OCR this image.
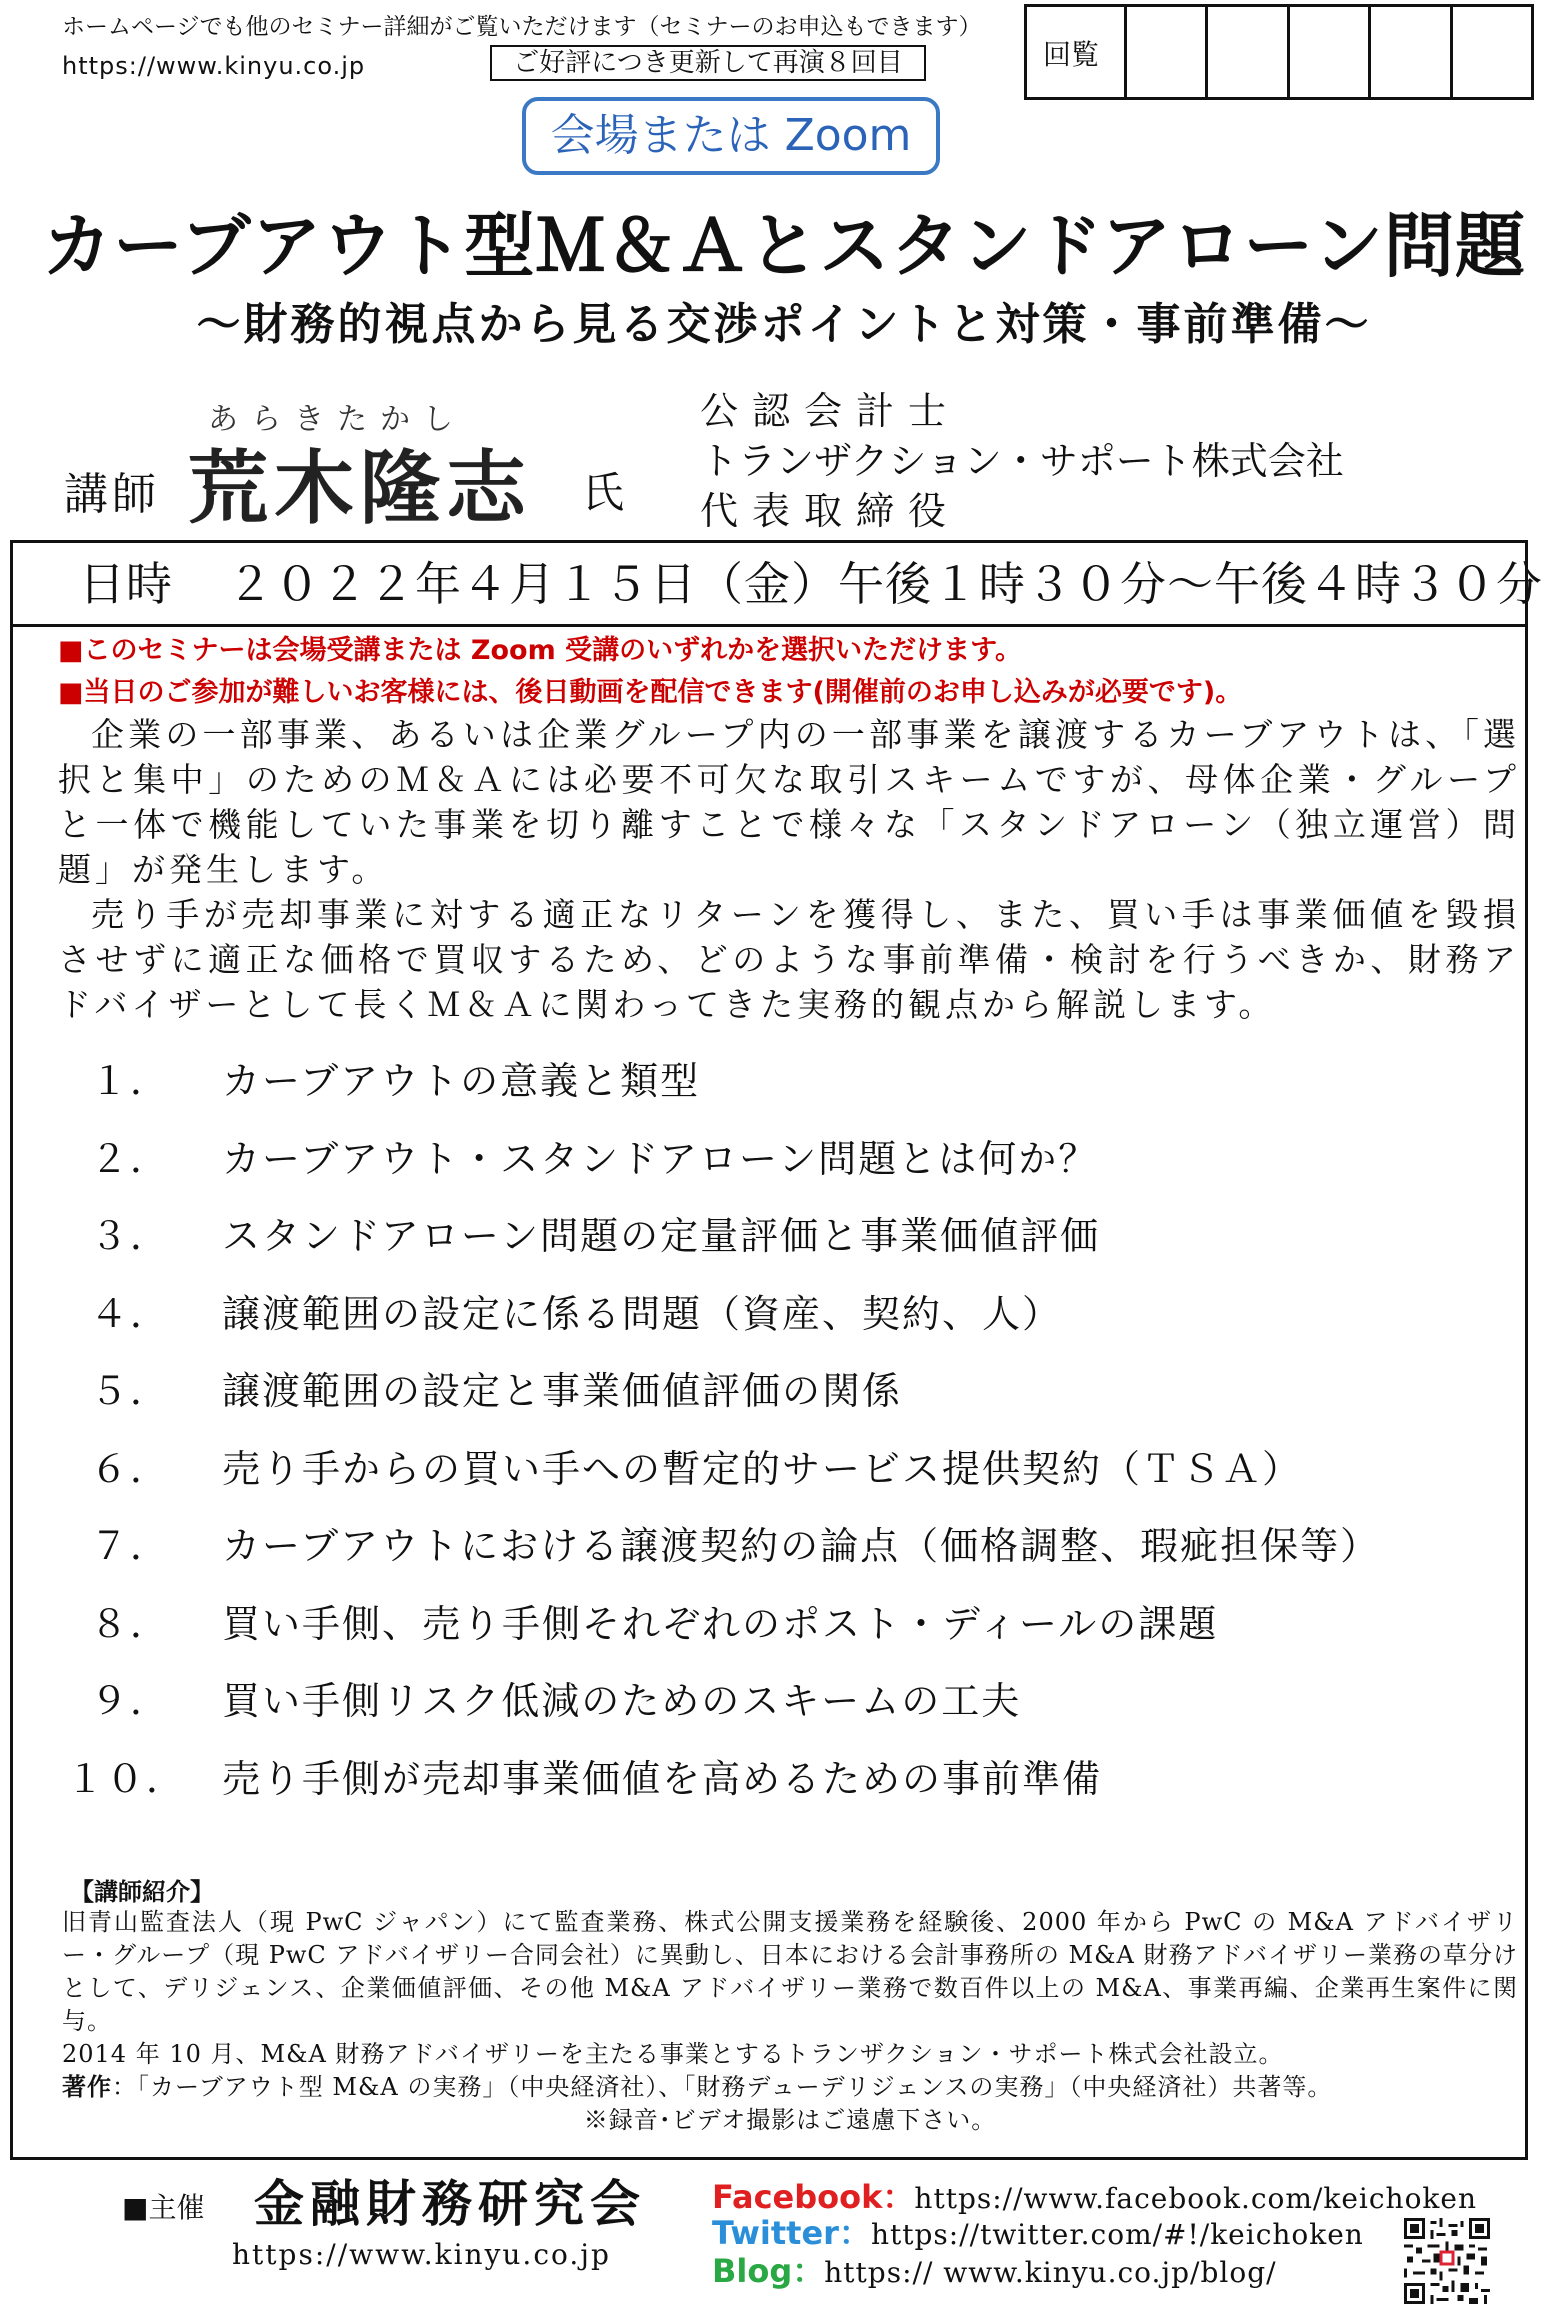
ホームページでも他のセミナー詳細がご覧いただけます（セミナーのお申込もできます）
https://www.kinyu.co.jp	ご好評につき更新して再演８回目	回覧
会場または Zoom
カーブアウト型Ｍ＆Ａとスタンドアローン問題
～財務的視点から見る交渉ポイントと対策・事前準備～
あらきたかし
講師 荒木隆志 氏
公認会計士
トランザクション・サポート株式会社
代表取締役
日時 ２０２２年４月１５日（金）午後１時３０分～午後４時３０分
■このセミナーは会場受講または Zoom 受講のいずれかを選択いただけます。
■当日のご参加が難しいお客様には、後日動画を配信できます(開催前のお申し込みが必要です)。

企業の一部事業、あるいは企業グループ内の一部事業を譲渡するカーブアウトは、「選択と集中」のためのＭ＆Ａには必要不可欠な取引スキームですが、母体企業・グループと一体で機能していた事業を切り離すことで様々な「スタンドアローン（独立運営）問題」が発生します。

売り手が売却事業に対する適正なリターンを獲得し、また、買い手は事業価値を毀損させずに適正な価格で買収するため、どのような事前準備・検討を行うべきか、財務アドバイザーとして長くＭ＆Ａに関わってきた実務的観点から解説します。

１．	カーブアウトの意義と類型
２．	カーブアウト・スタンドアローン問題とは何か？
３．	スタンドアローン問題の定量評価と事業価値評価
４．	譲渡範囲の設定に係る問題（資産、契約、人）
５．	譲渡範囲の設定と事業価値評価の関係
６．	売り手からの買い手への暫定的サービス提供契約（ＴＳＡ）
７．	カーブアウトにおける譲渡契約の論点（価格調整、瑕疵担保等）
８．	買い手側、売り手側それぞれのポスト・ディールの課題
９．	買い手側リスク低減のためのスキームの工夫
１０． 売り手側が売却事業価値を高めるための事前準備
【講師紹介】

旧青山監査法人（現 PwC ジャパン）にて監査業務、株式公開支援業務を経験後、2000 年から PwC の M&A アドバイザリー・グループ（現 PwC アドバイザリー合同会社）に異動し、日本における会計事務所の M&A 財務アドバイザリー業務の草分けとして、デリジェンス、企業価値評価、その他 M&A アドバイザリー業務で数百件以上の M&A、事業再編、企業再生案件に関与。

2014 年 10 月、M&A 財務アドバイザリーを主たる事業とするトランザクション・サポート株式会社設立。

著作：「カーブアウト型 M&A の実務」（中央経済社）、「財務デューデリジェンスの実務」（中央経済社）共著等。

※録音･ビデオ撮影はご遠慮下さい。

■主催 金融財務研究会
https://www.kinyu.co.jp
Facebook：https://www.facebook.com/keichoken
Twitter：https://twitter.com/#!/keichoken
Blog：https:// www.kinyu.co.jp/blog/
